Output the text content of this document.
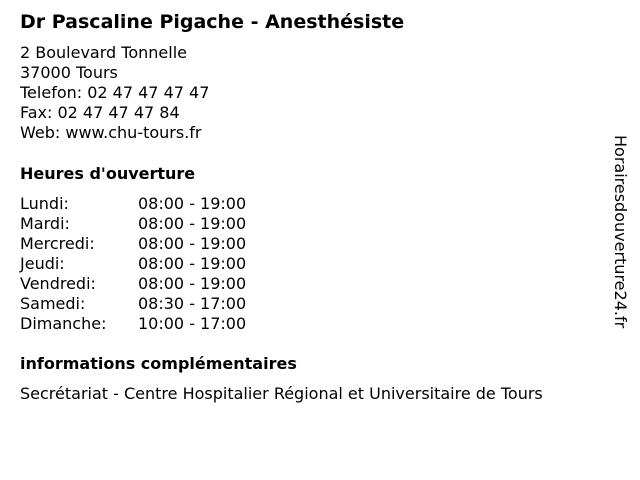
Dr Pascaline Pigache - Anesthésiste
2 Boulevard Tonnelle
37000 Tours
Telefon: 02 47 47 47 47
Fax: 02 47 47 47 84
Web: www.chu-tours.fr
Heures d'ouverture
Lundi:	08:00 - 19:00
Mardi:	08:00 - 19:00
Mercredi:	08:00 - 19:00
Jeudi:	08:00 - 19:00
Vendredi:	08:00 - 19:00
Samedi:	08:30 - 17:00
Dimanche: 10:00 - 17:00
informations complémentaires
Secrétariat - Centre Hospitalier Régional et Universitaire de Tours
Horairesdouverture24.fr
